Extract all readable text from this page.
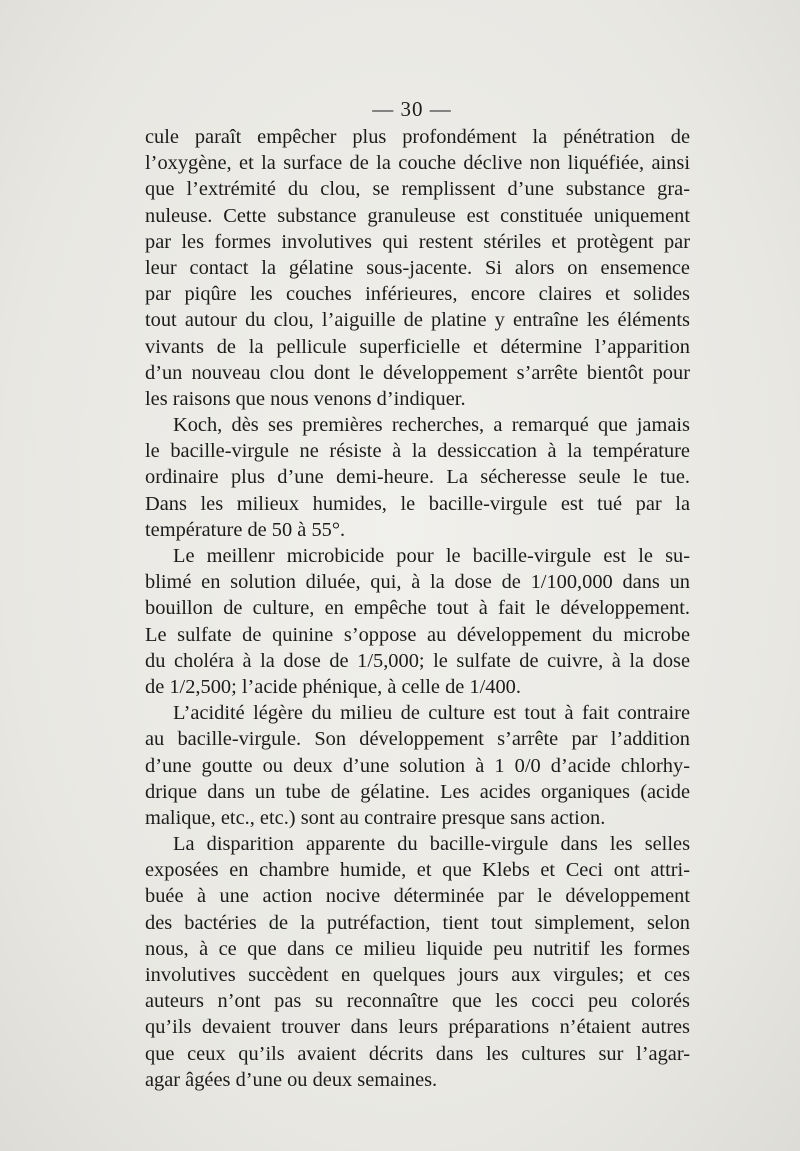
— 30 —

cule paraît empêcher plus profondément la pénétration de
l’oxygène, et la surface de la couche déclive non liquéfiée, ainsi
que l’extrémité du clou, se remplissent d’une substance gra-
nuleuse. Cette substance granuleuse est constituée uniquement
par les formes involutives qui restent stériles et protègent par
leur contact la gélatine sous-jacente. Si alors on ensemence
par piqûre les couches inférieures, encore claires et solides
tout autour du clou, l’aiguille de platine y entraîne les éléments
vivants de la pellicule superficielle et détermine l’apparition
d’un nouveau clou dont le développement s’arrête bientôt pour
les raisons que nous venons d’indiquer.

Koch, dès ses premières recherches, a remarqué que jamais
le bacille-virgule ne résiste à la dessiccation à la température
ordinaire plus d’une demi-heure. La sécheresse seule le tue.
Dans les milieux humides, le bacille-virgule est tué par la
température de 50 à 55°.

Le meillenr microbicide pour le bacille-virgule est le su-
blimé en solution diluée, qui, à la dose de 1/100,000 dans un
bouillon de culture, en empêche tout à fait le développement.
Le sulfate de quinine s’oppose au développement du microbe
du choléra à la dose de 1/5,000; le sulfate de cuivre, à la dose
de 1/2,500; l’acide phénique, à celle de 1/400.

L’acidité légère du milieu de culture est tout à fait contraire
au bacille-virgule. Son développement s’arrête par l’addition
d’une goutte ou deux d’une solution à 1 0/0 d’acide chlorhy-
drique dans un tube de gélatine. Les acides organiques (acide
malique, etc., etc.) sont au contraire presque sans action.

La disparition apparente du bacille-virgule dans les selles
exposées en chambre humide, et que Klebs et Ceci ont attri-
buée à une action nocive déterminée par le développement
des bactéries de la putréfaction, tient tout simplement, selon
nous, à ce que dans ce milieu liquide peu nutritif les formes
involutives succèdent en quelques jours aux virgules; et ces
auteurs n’ont pas su reconnaître que les cocci peu colorés
qu’ils devaient trouver dans leurs préparations n’étaient autres
que ceux qu’ils avaient décrits dans les cultures sur l’agar-
agar âgées d’une ou deux semaines.
